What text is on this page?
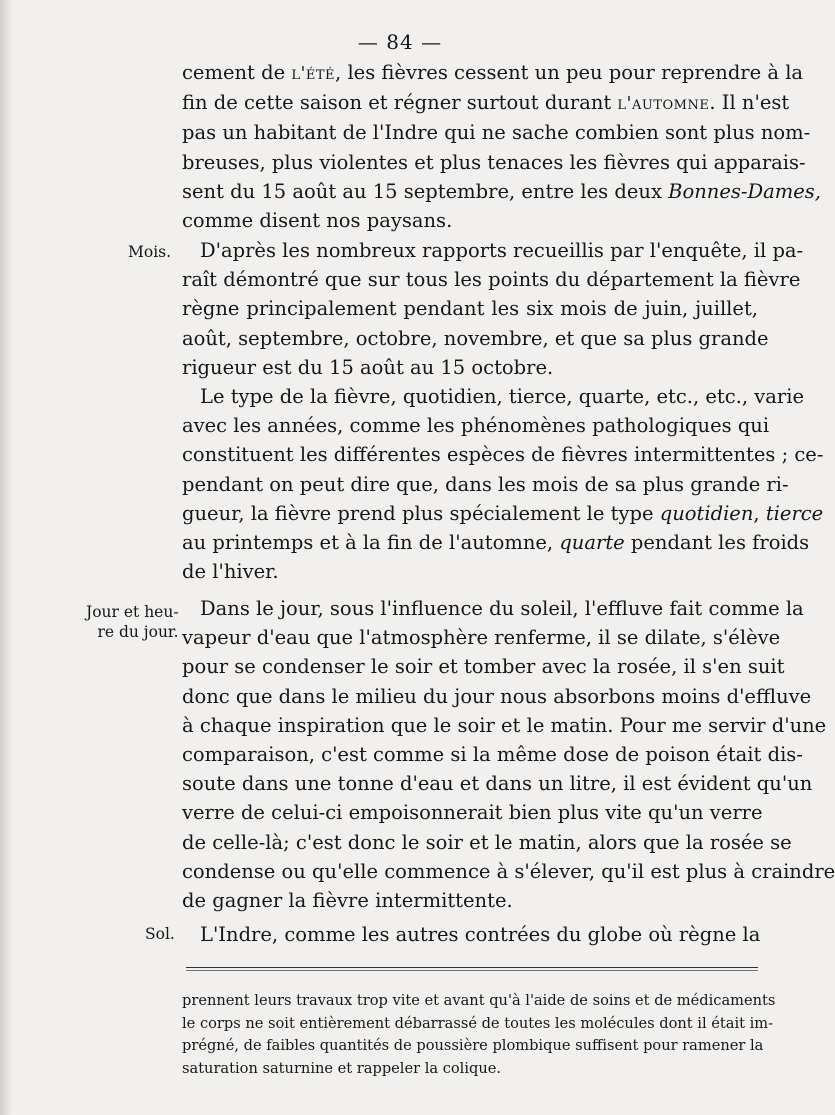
— 84 —
cement de l'été, les fièvres cessent un peu pour reprendre à la
fin de cette saison et régner surtout durant l'automne. Il n'est
pas un habitant de l'Indre qui ne sache combien sont plus nom-
breuses, plus violentes et plus tenaces les fièvres qui apparais-
sent du 15 août au 15 septembre, entre les deux Bonnes-Dames,
comme disent nos paysans.
Mois.	D'après les nombreux rapports recueillis par l'enquête, il pa-
raît démontré que sur tous les points du département la fièvre
règne principalement pendant les six mois de juin, juillet,
août, septembre, octobre, novembre, et que sa plus grande
rigueur est du 15 août au 15 octobre.
Le type de la fièvre, quotidien, tierce, quarte, etc., etc., varie
avec les années, comme les phénomènes pathologiques qui
constituent les différentes espèces de fièvres intermittentes ; ce-
pendant on peut dire que, dans les mois de sa plus grande ri-
gueur, la fièvre prend plus spécialement le type quotidien, tierce
au printemps et à la fin de l'automne, quarte pendant les froids
de l'hiver.
Jour et heu-
re du jour.
Dans le jour, sous l'influence du soleil, l'effluve fait comme la
vapeur d'eau que l'atmosphère renferme, il se dilate, s'élève
pour se condenser le soir et tomber avec la rosée, il s'en suit
donc que dans le milieu du jour nous absorbons moins d'effluve
à chaque inspiration que le soir et le matin. Pour me servir d'une
comparaison, c'est comme si la même dose de poison était dis-
soute dans une tonne d'eau et dans un litre, il est évident qu'un
verre de celui-ci empoisonnerait bien plus vite qu'un verre
de celle-là; c'est donc le soir et le matin, alors que la rosée se
condense ou qu'elle commence à s'élever, qu'il est plus à craindre
de gagner la fièvre intermittente.
Sol.	L'Indre, comme les autres contrées du globe où règne la
prennent leurs travaux trop vite et avant qu'à l'aide de soins et de médicaments
le corps ne soit entièrement débarrassé de toutes les molécules dont il était im-
prégné, de faibles quantités de poussière plombique suffisent pour ramener la
saturation saturnine et rappeler la colique.
